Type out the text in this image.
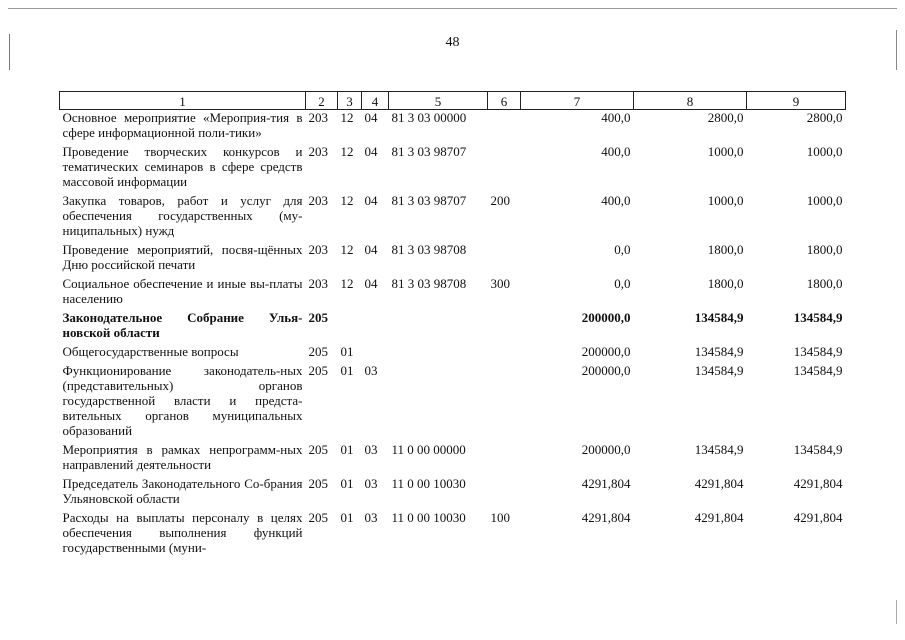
48
1	2	3	4	5	6	7	8	9
Основное мероприятие «Мероприя-тия в сфере информационной поли-тики»	203	12	04	81 3 03 00000		400,0	2800,0	2800,0
Проведение творческих конкурсов и тематических семинаров в сфере средств массовой информации	203	12	04	81 3 03 98707		400,0	1000,0	1000,0
Закупка товаров, работ и услуг для обеспечения государственных (му-ниципальных) нужд	203	12	04	81 3 03 98707	200	400,0	1000,0	1000,0
Проведение мероприятий, посвя-щённых Дню российской печати	203	12	04	81 3 03 98708		0,0	1800,0	1800,0
Социальное обеспечение и иные вы-платы населению	203	12	04	81 3 03 98708	300	0,0	1800,0	1800,0
Законодательное Собрание Улья-новской области	205					200000,0	134584,9	134584,9
Общегосударственные вопросы	205	01				200000,0	134584,9	134584,9
Функционирование законодатель-ных (представительных) органов государственной власти и предста-вительных органов муниципальных образований	205	01	03			200000,0	134584,9	134584,9
Мероприятия в рамках непрограмм-ных направлений деятельности	205	01	03	11 0 00 00000		200000,0	134584,9	134584,9
Председатель Законодательного Со-брания Ульяновской области	205	01	03	11 0 00 10030		4291,804	4291,804	4291,804
Расходы на выплаты персоналу в целях обеспечения выполнения функций государственными (муни-	205	01	03	11 0 00 10030	100	4291,804	4291,804	4291,804
